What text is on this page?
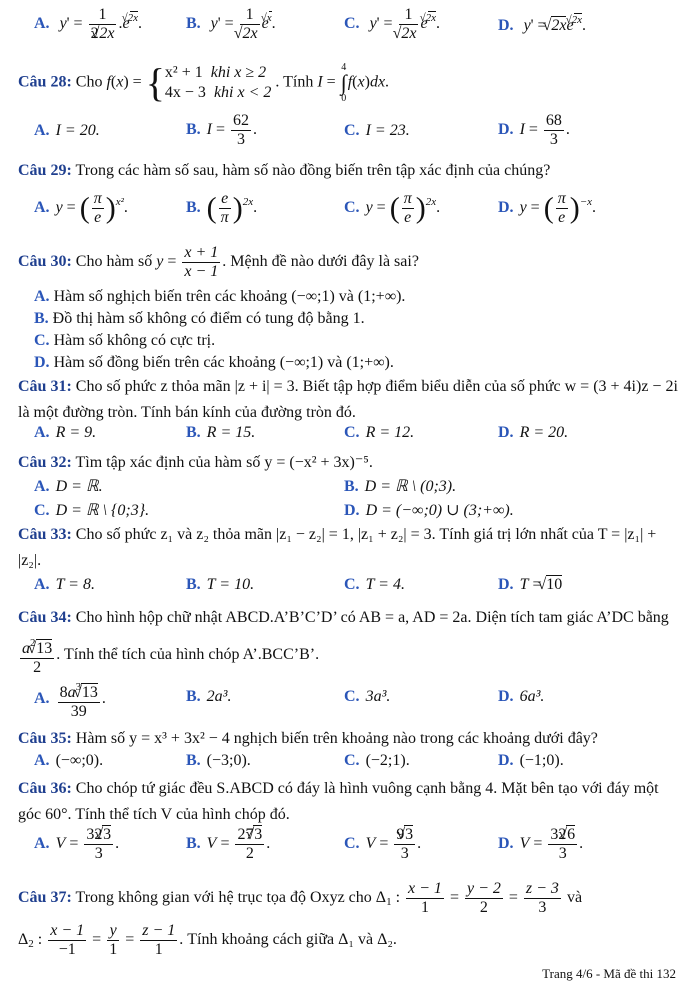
A. $y' = \frac{1}{2√ 2x} .e√$ $^{2x}$.	B. y' = 1
√ 2x e√ $^x$.	C. y' = 1
√ 2x e√ $^{2x}$.	D. y' = √ 2xe√ $^{2x}$.
Câu 28: Cho f(x) = {x² + 1  khi x ≥ 2
4x − 3  khi x < 2 . Tính I = 4
∫
0f(x)dx.
A. I = 20.	B. $I = \frac{62}{3}$ .	C. I = 23.	D. $I = \frac{68}{3}$ .
Câu 29: Trong các hàm số sau, hàm số nào đồng biến trên tập xác định của chúng?
A. y = ( $\frac{\pi}{e} )^{x^2}$.	B. ( $\frac{e}{\pi} )^{2x}$.	C. y = ( $\frac{\pi}{e} )^{2x}$.	D. y = ( $\frac{\pi}{e} )^{-x}$.
Câu 30: Cho hàm số $y = \frac{x + 1}{x - 1}$ . Mệnh đề nào dưới đây là sai?
A. Hàm số nghịch biến trên các khoảng (−∞;1) và (1;+∞).
B. Đồ thị hàm số không có điểm có tung độ bằng 1.
C. Hàm số không có cực trị.
D. Hàm số đồng biến trên các khoảng (−∞;1) và (1;+∞).
Câu 31: Cho số phức z thỏa mãn |z + i| = 3. Biết tập hợp điểm biểu diễn của số phức w = (3 + 4i)z − 2i là một đường tròn. Tính bán kính của đường tròn đó.
A. R = 9.	B. R = 15.	C. R = 12.	D. R = 20.
Câu 32: Tìm tập xác định của hàm số y = (−x² + 3x)⁻⁵.
A. D = ℝ.	B. D = ℝ \ (0;3).
C. D = ℝ \ {0;3}.	D. D = (−∞;0) ∪ (3;+∞).
Câu 33: Cho số phức z₁ và z₂ thỏa mãn |z₁ − z₂| = 1, |z₁ + z₂| = 3. Tính giá trị lớn nhất của T = |z₁| + |z₂|.
A. T = 8.	B. T = 10.	C. T = 4.	D. T = √ 10
Câu 34: Cho hình hộp chữ nhật ABCD.A’B’C’D’ có AB = a, AD = 2a. Diện tích tam giác A’DC bằng
$\frac{a^2√ 13}{2}$ . Tính thể tích của hình chóp A’.BCC’B’.
A. $\frac{8a^3√ 13}{39}$ .	B. 2a³.	C. 3a³.	D. 6a³.
Câu 35: Hàm số y = x³ + 3x² − 4 nghịch biến trên khoảng nào trong các khoảng dưới đây?
A. (−∞;0).	B. (−3;0).	C. (−2;1).	D. (−1;0).
Câu 36: Cho chóp tứ giác đều S.ABCD có đáy là hình vuông cạnh bằng 4. Mặt bên tạo với đáy một góc 60°. Tính thể tích V của hình chóp đó.
A. $V = \frac{32√ 3}{3}$ .	B. $V = \frac{27√ 3}{2}$ .	C. $V = \frac{9√ 3}{3}$ .	D. $V = \frac{32√ 6}{3}$ .
Câu 37: Trong không gian với hệ trục tọa độ Oxyz cho $\Delta_1$ : $\frac{x - 1}{1} = \frac{y - 2}{2} = \frac{z - 3}{3}$ và
$\Delta_2$ : $\frac{x - 1}{-1} = \frac{y}{1} = \frac{z - 1}{1}$ . Tính khoảng cách giữa Δ₁ và Δ₂.
Trang 4/6 - Mã đề thi 132
